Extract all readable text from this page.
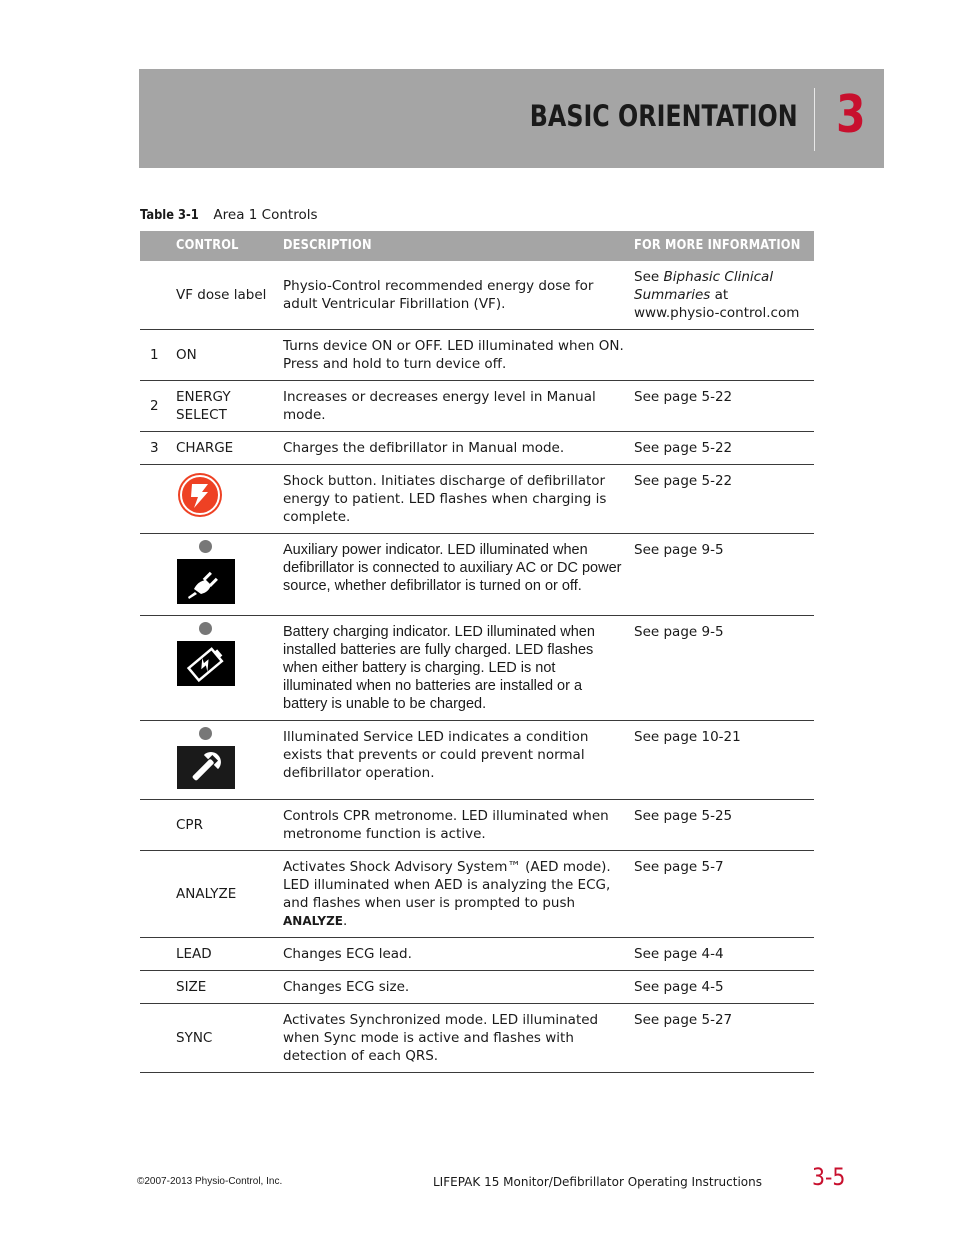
BASIC ORIENTATION 3
Table 3-1 Area 1 Controls
	CONTROL	DESCRIPTION	FOR MORE INFORMATION
	VF dose label	Physio-Control recommended energy dose for adult Ventricular Fibrillation (VF).	See Biphasic Clinical Summaries at www.physio-control.com
1	ON	Turns device ON or OFF. LED illuminated when ON. Press and hold to turn device off.	
2	ENERGY SELECT	Increases or decreases energy level in Manual mode.	See page 5-22
3	CHARGE	Charges the defibrillator in Manual mode.	See page 5-22

	Shock button. Initiates discharge of defibrillator energy to patient. LED flashes when charging is complete.	See page 5-22

	Auxiliary power indicator. LED illuminated when defibrillator is connected to auxiliary AC or DC power source, whether defibrillator is turned on or off.	See page 9-5

	Battery charging indicator. LED illuminated when installed batteries are fully charged. LED flashes when either battery is charging. LED is not illuminated when no batteries are installed or a battery is unable to be charged.	See page 9-5

	Illuminated Service LED indicates a condition exists that prevents or could prevent normal defibrillator operation.	See page 10-21
	CPR	Controls CPR metronome. LED illuminated when metronome function is active.	See page 5-25
	ANALYZE	Activates Shock Advisory System™ (AED mode). LED illuminated when AED is analyzing the ECG, and flashes when user is prompted to push ANALYZE.	See page 5-7
	LEAD	Changes ECG lead.	See page 4-4
	SIZE	Changes ECG size.	See page 4-5
	SYNC	Activates Synchronized mode. LED illuminated when Sync mode is active and flashes with detection of each QRS.	See page 5-27
©2007-2013 Physio-Control, Inc.	LIFEPAK 15 Monitor/Defibrillator Operating Instructions 3-5
